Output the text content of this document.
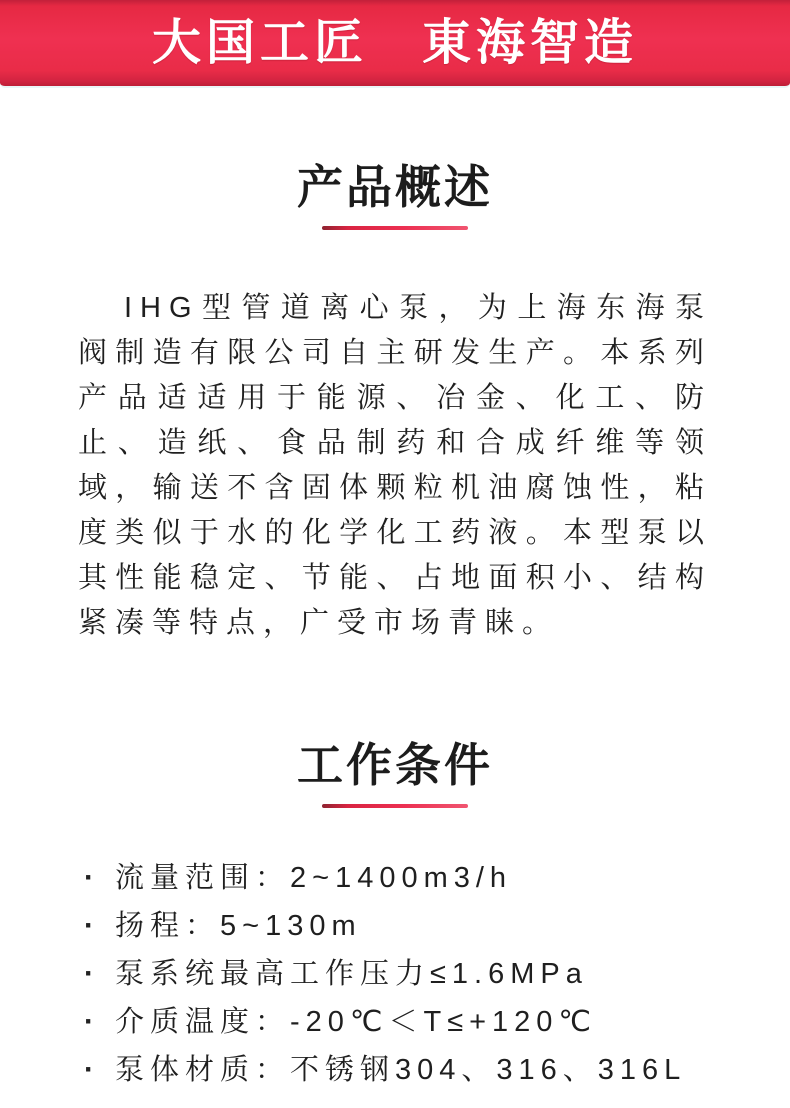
大国工匠　東海智造
产品概述

IHG型管道离心泵，为上海东海泵阀制造有限公司自主研发生产。本系列产品适适用于能源、冶金、化工、防止、造纸、食品制药和合成纤维等领域，输送不含固体颗粒机油腐蚀性，粘度类似于水的化学化工药液。本型泵以其性能稳定、节能、占地面积小、结构紧凑等特点，广受市场青睐。

工作条件
· 流量范围：2~1400m3/h
· 扬程：5~130m
· 泵系统最高工作压力≤1.6MPa
· 介质温度：-20℃＜T≤+120℃
· 泵体材质：不锈钢304、316、316L
